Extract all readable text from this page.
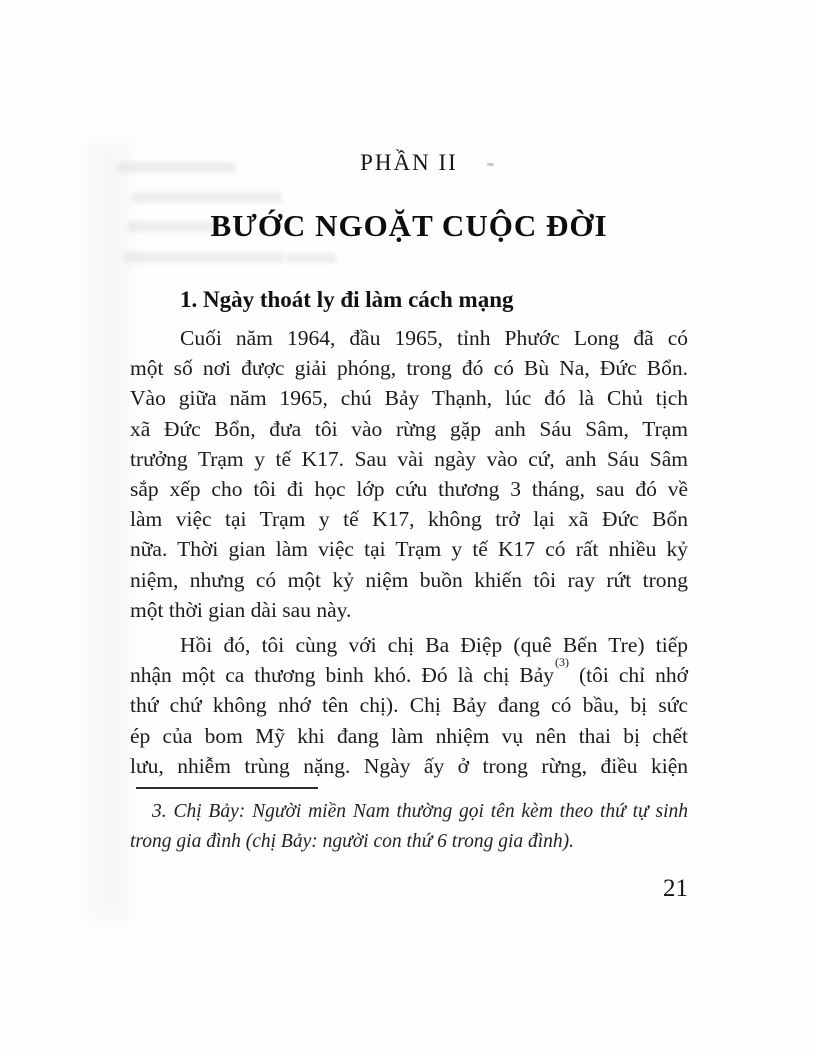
PHẦN II
BƯỚC NGOẶT CUỘC ĐỜI
1. Ngày thoát ly đi làm cách mạng
Cuối năm 1964, đầu 1965, tỉnh Phước Long đã có
một số nơi được giải phóng, trong đó có Bù Na, Đức Bổn.
Vào giữa năm 1965, chú Bảy Thạnh, lúc đó là Chủ tịch
xã Đức Bổn, đưa tôi vào rừng gặp anh Sáu Sâm, Trạm
trưởng Trạm y tế K17. Sau vài ngày vào cứ, anh Sáu Sâm
sắp xếp cho tôi đi học lớp cứu thương 3 tháng, sau đó về
làm việc tại Trạm y tế K17, không trở lại xã Đức Bổn
nữa. Thời gian làm việc tại Trạm y tế K17 có rất nhiều kỷ
niệm, nhưng có một kỷ niệm buồn khiến tôi ray rứt trong
một thời gian dài sau này.
Hồi đó, tôi cùng với chị Ba Điệp (quê Bến Tre) tiếp
nhận một ca thương binh khó. Đó là chị Bảy$^{(3)}$ (tôi chỉ nhớ
thứ chứ không nhớ tên chị). Chị Bảy đang có bầu, bị sức
ép của bom Mỹ khi đang làm nhiệm vụ nên thai bị chết
lưu, nhiễm trùng nặng. Ngày ấy ở trong rừng, điều kiện
3. Chị Bảy: Người miền Nam thường gọi tên kèm theo thứ tự sinh
trong gia đình (chị Bảy: người con thứ 6 trong gia đình).
21
